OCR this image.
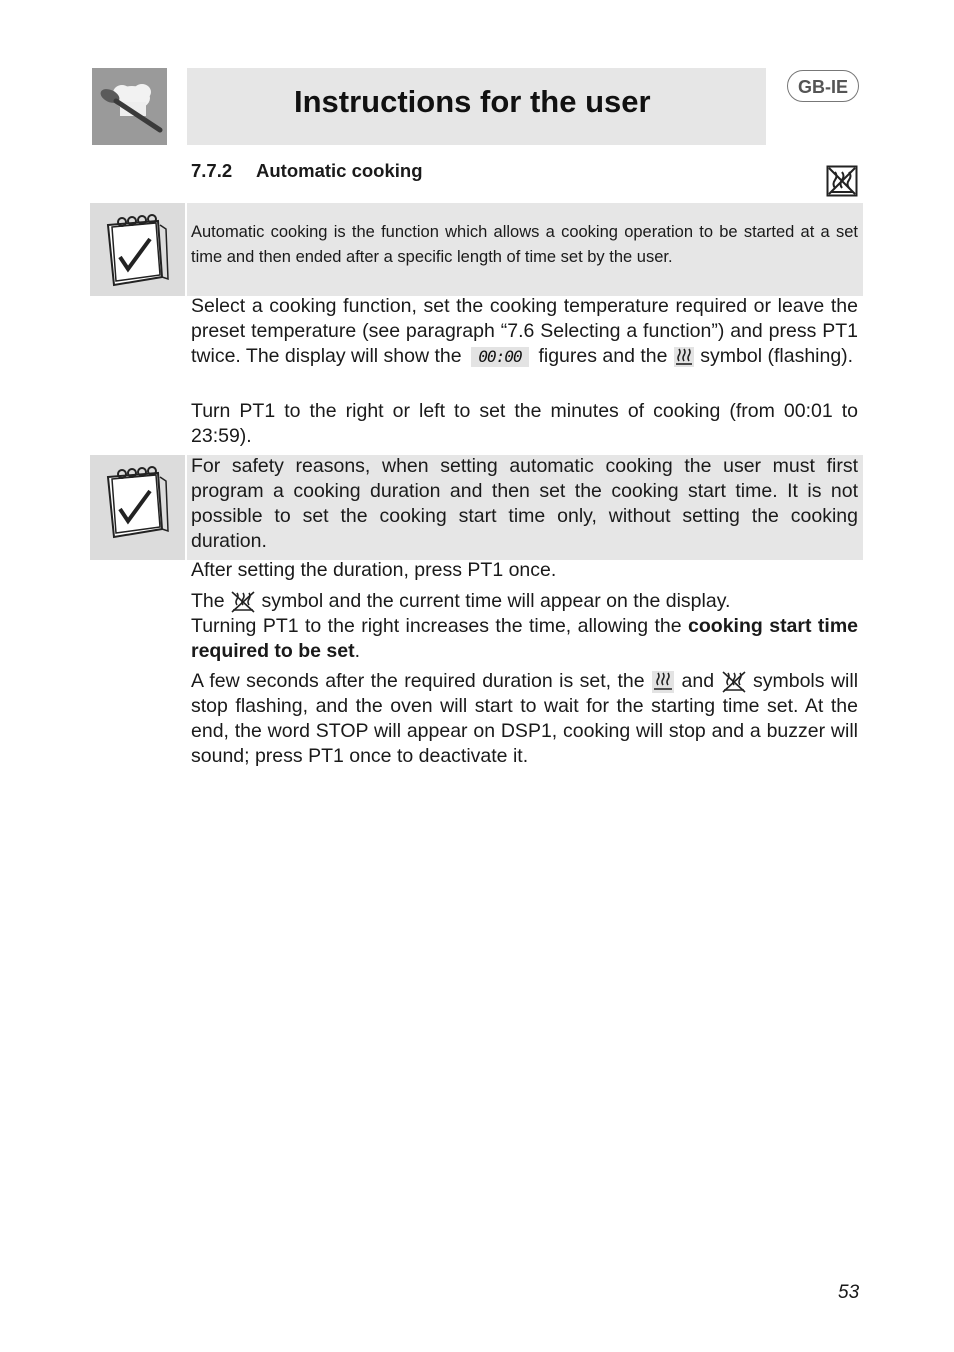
Instructions for the user	GB-IE
7.7.2 Automatic cooking

Automatic cooking is the function which allows a cooking operation to be started at a set time and then ended after a specific length of time set by the user.

Select a cooking function, set the cooking temperature required or leave the preset temperature (see paragraph “7.6 Selecting a function”) and press PT1 twice. The display will show the 00:00 figures and the symbol (flashing).

Turn PT1 to the right or left to set the minutes of cooking (from 00:01 to 23:59).

For safety reasons, when setting automatic cooking the user must first program a cooking duration and then set the cooking start time. It is not possible to set the cooking start time only, without setting the cooking duration.

After setting the duration, press PT1 once.

The symbol and the current time will appear on the display.

Turning PT1 to the right increases the time, allowing the cooking start time required to be set.

A few seconds after the required duration is set, the and symbols will stop flashing, and the oven will start to wait for the starting time set. At the end, the word STOP will appear on DSP1, cooking will stop and a buzzer will sound; press PT1 once to deactivate it.

53
